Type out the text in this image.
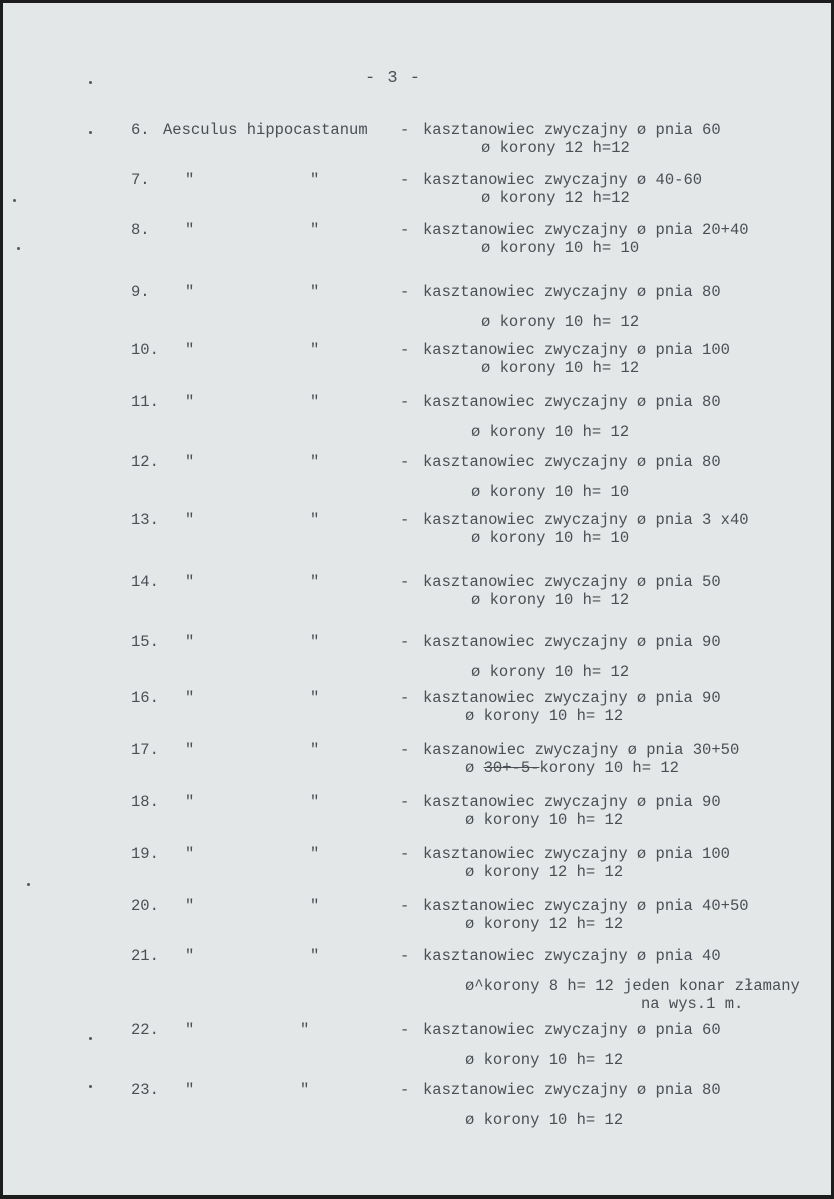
- 3 -
6. Aesculus hippocastanum - kasztanowiec zwyczajny ø pnia 60
ø korony 12 h=12
7. "	"	- kasztanowiec zwyczajny ø 40-60
ø korony 12 h=12
8. "	"	- kasztanowiec zwyczajny ø pnia 20+40
ø korony 10 h= 10
9. "	"	- kasztanowiec zwyczajny ø pnia 80
ø korony 10 h= 12
10. "	"	- kasztanowiec zwyczajny ø pnia 100
ø korony 10 h= 12
11. "	"	- kasztanowiec zwyczajny ø pnia 80
ø korony 10 h= 12
12. "	"	- kasztanowiec zwyczajny ø pnia 80
ø korony 10 h= 10
13. "	"	- kasztanowiec zwyczajny ø pnia 3 x40
ø korony 10 h= 10
14. "	"	- kasztanowiec zwyczajny ø pnia 50
ø korony 10 h= 12
15. "	"	- kasztanowiec zwyczajny ø pnia 90
ø korony 10 h= 12
16. "	"	- kasztanowiec zwyczajny ø pnia 90
ø korony 10 h= 12
17. "	"	- kaszanowiec zwyczajny ø pnia 30+50
ø 30+-5-korony 10 h= 12
18. "	"	- kasztanowiec zwyczajny ø pnia 90
ø korony 10 h= 12
19. "	"	- kasztanowiec zwyczajny ø pnia 100
ø korony 12 h= 12
20. "	"	- kasztanowiec zwyczajny ø pnia 40+50
ø korony 12 h= 12
21. "	"	- kasztanowiec zwyczajny ø pnia 40
ø^korony 8 h= 12 jeden konar złamany
na wys.1 m.
22. "	"	- kasztanowiec zwyczajny ø pnia 60
ø korony 10 h= 12
23. "	"	- kasztanowiec zwyczajny ø pnia 80
ø korony 10 h= 12
